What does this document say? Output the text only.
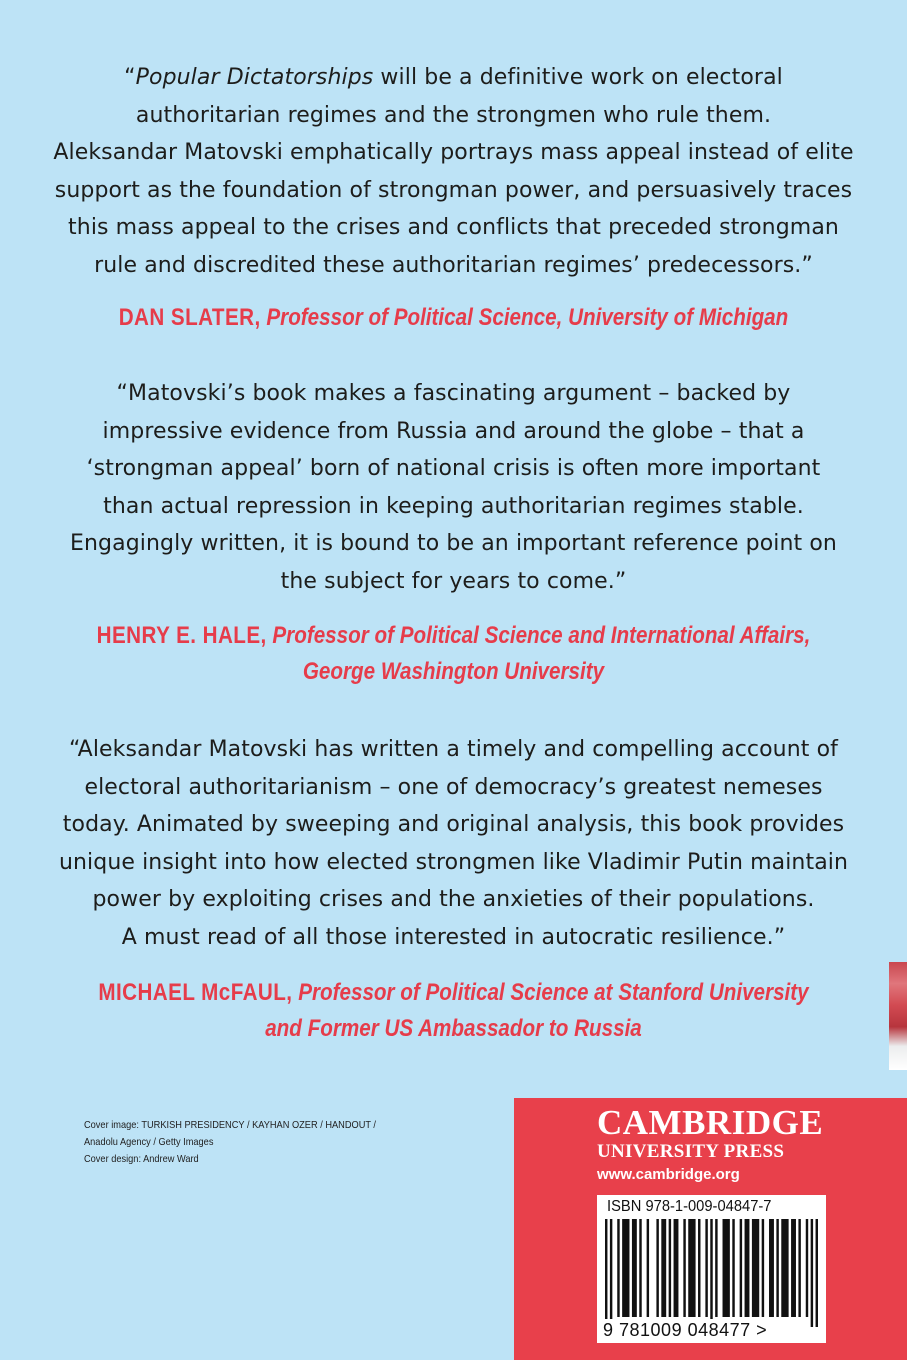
“Popular Dictatorships will be a definitive work on electoral
authoritarian regimes and the strongmen who rule them.
Aleksandar Matovski emphatically portrays mass appeal instead of elite
support as the foundation of strongman power, and persuasively traces
this mass appeal to the crises and conflicts that preceded strongman
rule and discredited these authoritarian regimes’ predecessors.”
DAN SLATER, Professor of Political Science, University of Michigan
“Matovski’s book makes a fascinating argument – backed by
impressive evidence from Russia and around the globe – that a
‘strongman appeal’ born of national crisis is often more important
than actual repression in keeping authoritarian regimes stable.
Engagingly written, it is bound to be an important reference point on
the subject for years to come.”
HENRY E. HALE, Professor of Political Science and International Affairs,
George Washington University
“Aleksandar Matovski has written a timely and compelling account of
electoral authoritarianism – one of democracy’s greatest nemeses
today. Animated by sweeping and original analysis, this book provides
unique insight into how elected strongmen like Vladimir Putin maintain
power by exploiting crises and the anxieties of their populations.
A must read of all those interested in autocratic resilience.”
MICHAEL McFAUL, Professor of Political Science at Stanford University
and Former US Ambassador to Russia
Cover image: TURKISH PRESIDENCY / KAYHAN OZER / HANDOUT /
Anadolu Agency / Getty Images
Cover design: Andrew Ward
CAMBRIDGE
UNIVERSITY PRESS
www.cambridge.org
ISBN 978-1-009-04847-7
9 781009 048477 >
